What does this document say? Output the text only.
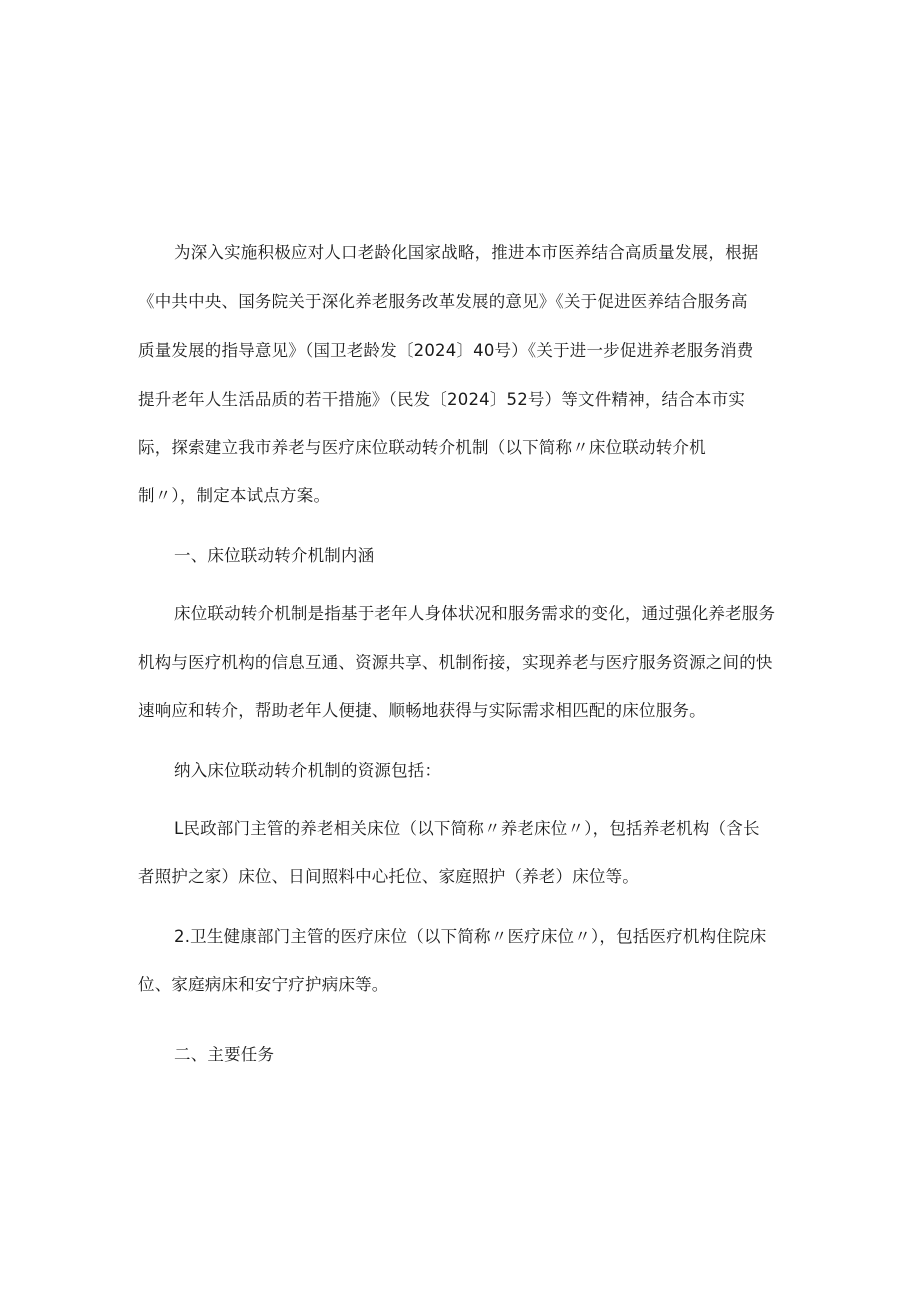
为深入实施积极应对人口老龄化国家战略，推进本市医养结合高质量发展，根据
《中共中央、国务院关于深化养老服务改革发展的意见》《关于促进医养结合服务高
质量发展的指导意见》（国卫老龄发〔2024〕40号）《关于进一步促进养老服务消费
提升老年人生活品质的若干措施》（民发〔2024〕52号）等文件精神，结合本市实
际，探索建立我市养老与医疗床位联动转介机制（以下简称〃床位联动转介机
制〃），制定本试点方案。
一、床位联动转介机制内涵
床位联动转介机制是指基于老年人身体状况和服务需求的变化，通过强化养老服务
机构与医疗机构的信息互通、资源共享、机制衔接，实现养老与医疗服务资源之间的快
速响应和转介，帮助老年人便捷、顺畅地获得与实际需求相匹配的床位服务。
纳入床位联动转介机制的资源包括：
L民政部门主管的养老相关床位（以下简称〃养老床位〃），包括养老机构（含长
者照护之家）床位、日间照料中心托位、家庭照护（养老）床位等。
2.卫生健康部门主管的医疗床位（以下简称〃医疗床位〃），包括医疗机构住院床
位、家庭病床和安宁疗护病床等。
二、主要任务
